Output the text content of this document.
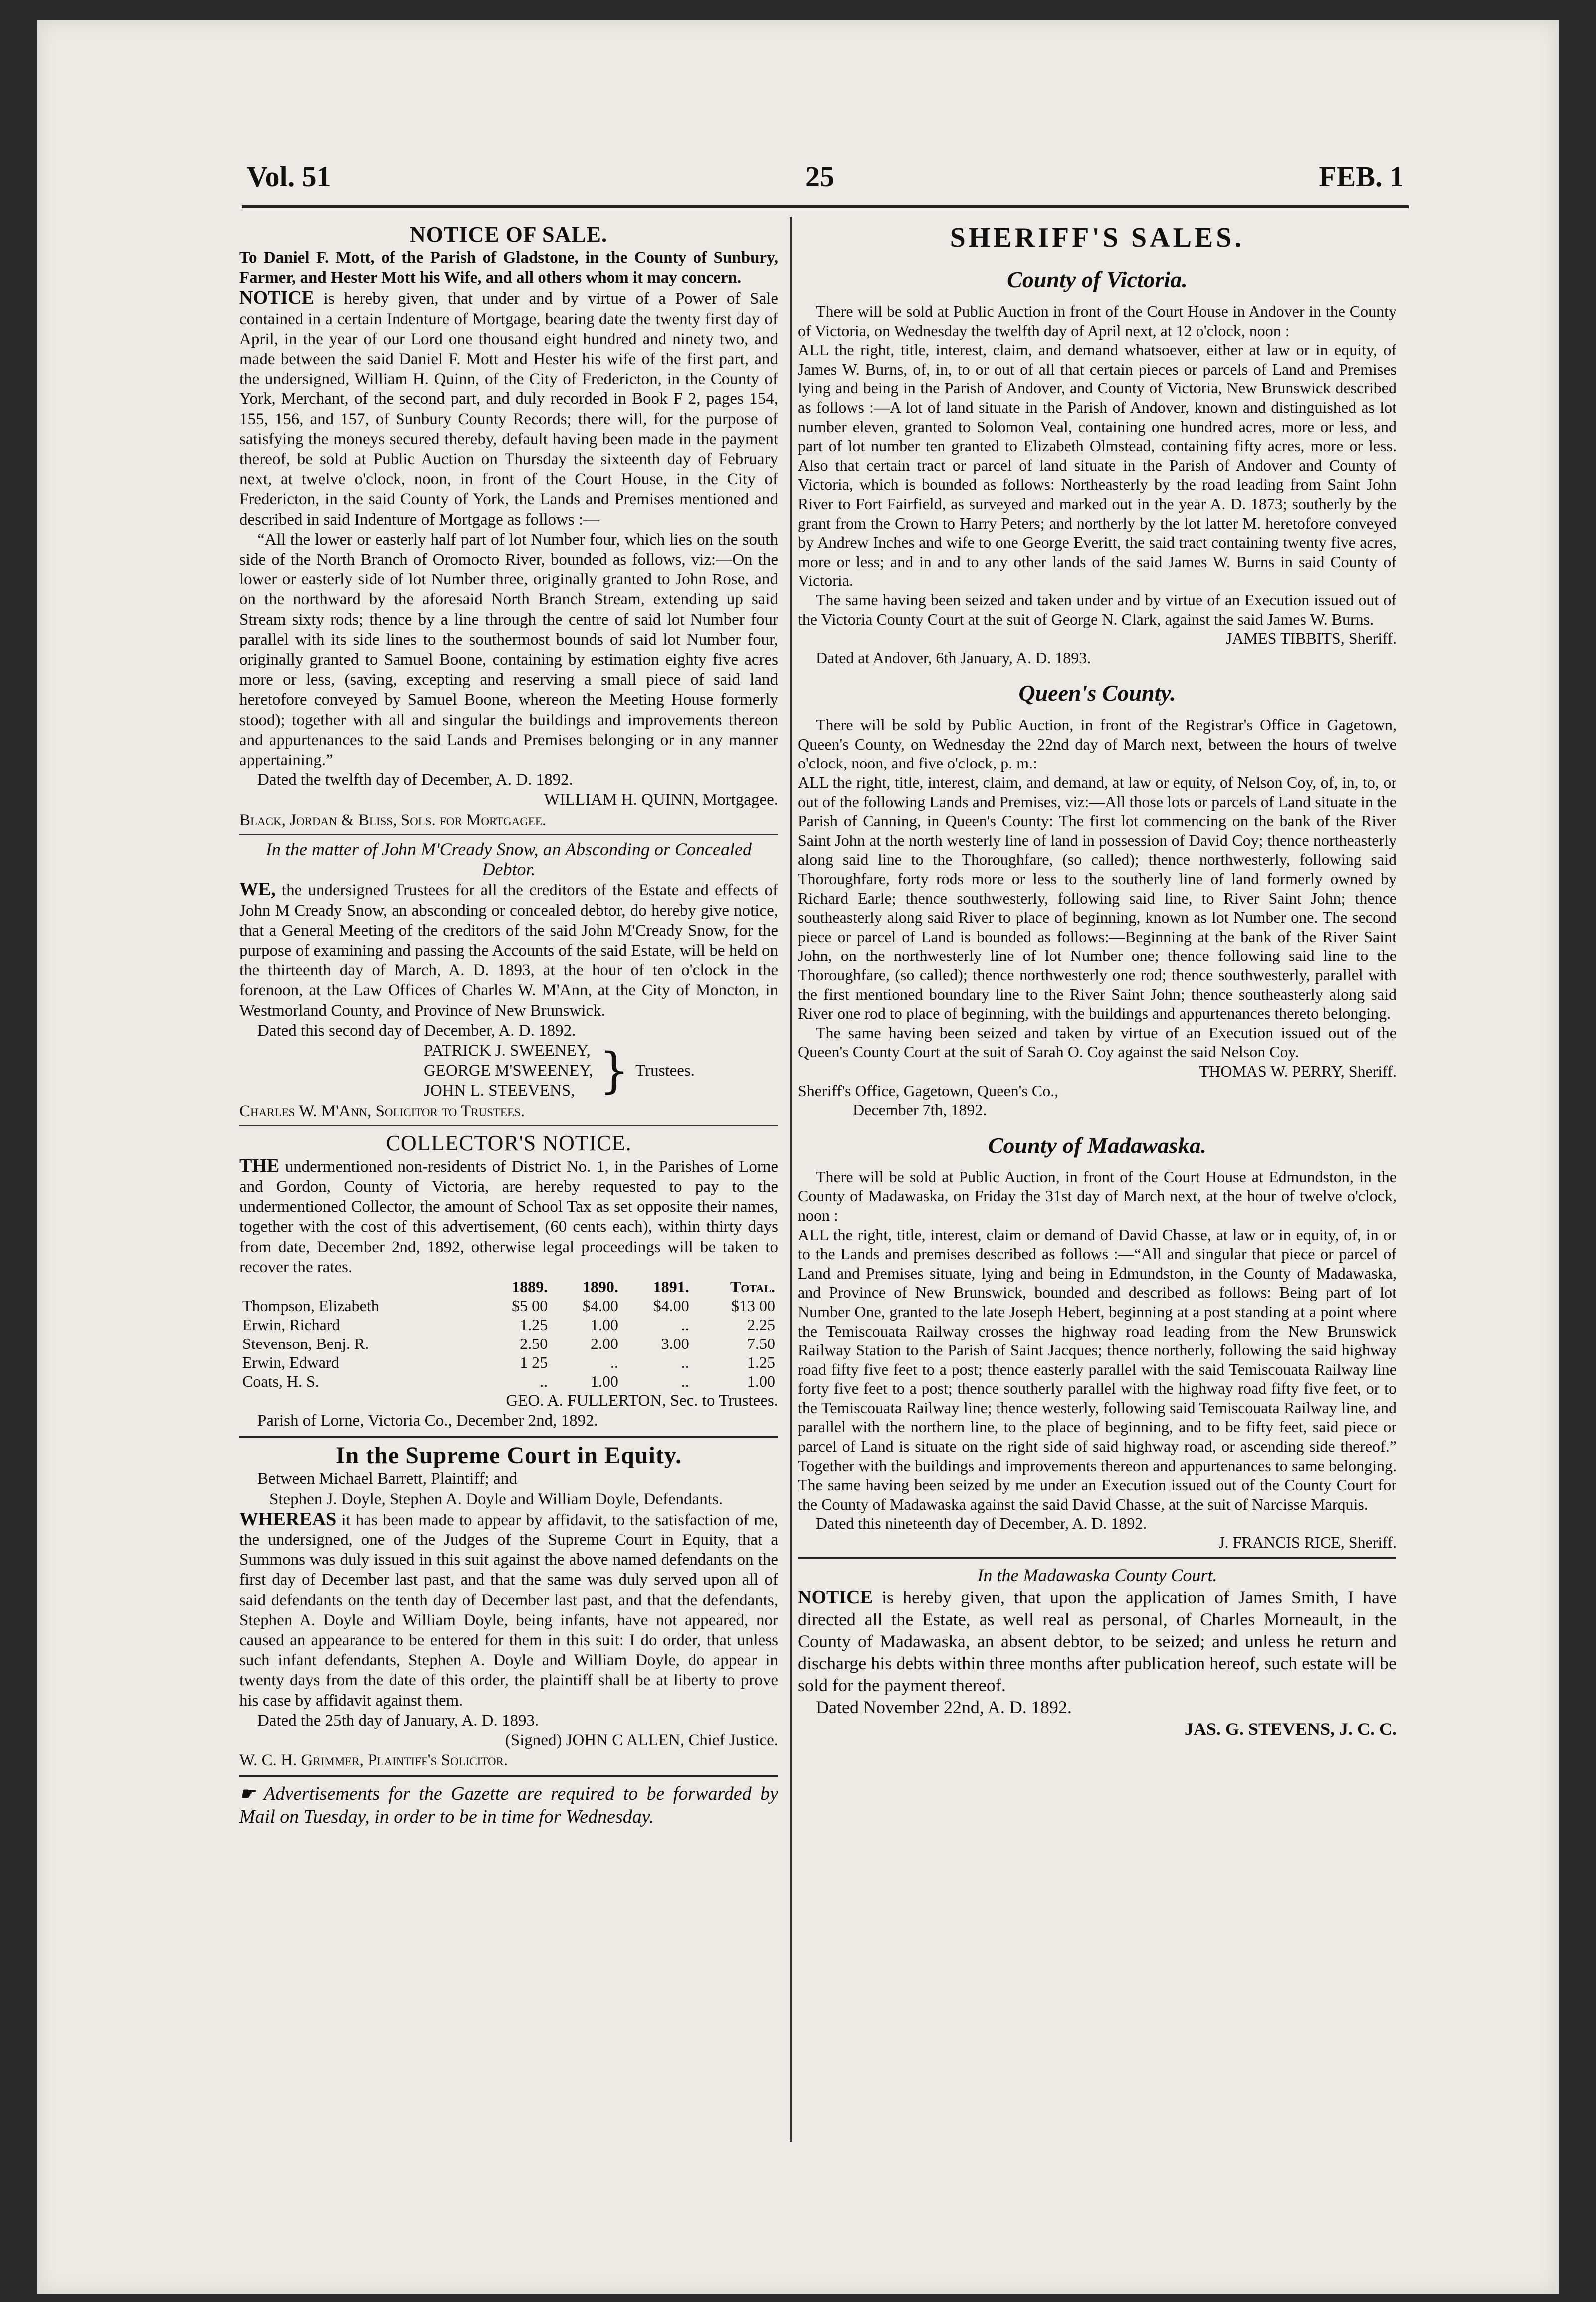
Vol. 51	25	FEB. 1
NOTICE OF SALE.

To Daniel F. Mott, of the Parish of Gladstone, in the County of Sunbury, Farmer, and Hester Mott his Wife, and all others whom it may concern.

NOTICE is hereby given, that under and by virtue of a Power of Sale contained in a certain Indenture of Mortgage, bearing date the twenty first day of April, in the year of our Lord one thousand eight hundred and ninety two, and made between the said Daniel F. Mott and Hester his wife of the first part, and the undersigned, William H. Quinn, of the City of Fredericton, in the County of York, Merchant, of the second part, and duly recorded in Book F 2, pages 154, 155, 156, and 157, of Sunbury County Records; there will, for the purpose of satisfying the moneys secured thereby, default having been made in the payment thereof, be sold at Public Auction on Thursday the sixteenth day of February next, at twelve o'clock, noon, in front of the Court House, in the City of Fredericton, in the said County of York, the Lands and Premises mentioned and described in said Indenture of Mortgage as follows :—

“All the lower or easterly half part of lot Number four, which lies on the south side of the North Branch of Oromocto River, bounded as follows, viz:—On the lower or easterly side of lot Number three, originally granted to John Rose, and on the northward by the aforesaid North Branch Stream, extending up said Stream sixty rods; thence by a line through the centre of said lot Number four parallel with its side lines to the southermost bounds of said lot Number four, originally granted to Samuel Boone, containing by estimation eighty five acres more or less, (saving, excepting and reserving a small piece of said land heretofore conveyed by Samuel Boone, whereon the Meeting House formerly stood); together with all and singular the buildings and improvements thereon and appurtenances to the said Lands and Premises belonging or in any manner appertaining.”

Dated the twelfth day of December, A. D. 1892.

WILLIAM H. QUINN, Mortgagee.

Black, Jordan & Bliss, Sols. for Mortgagee.

In the matter of John M'Cready Snow, an Absconding or Concealed Debtor.

WE, the undersigned Trustees for all the creditors of the Estate and effects of John M Cready Snow, an absconding or concealed debtor, do hereby give notice, that a General Meeting of the creditors of the said John M'Cready Snow, for the purpose of examining and passing the Accounts of the said Estate, will be held on the thirteenth day of March, A. D. 1893, at the hour of ten o'clock in the forenoon, at the Law Offices of Charles W. M'Ann, at the City of Moncton, in Westmorland County, and Province of New Brunswick.

Dated this second day of December, A. D. 1892.

PATRICK J. SWEENEY,
GEORGE M'SWEENEY,
JOHN L. STEEVENS, } Trustees.

Charles W. M'Ann, Solicitor to Trustees.

COLLECTOR'S NOTICE.

THE undermentioned non-residents of District No. 1, in the Parishes of Lorne and Gordon, County of Victoria, are hereby requested to pay to the undermentioned Collector, the amount of School Tax as set opposite their names, together with the cost of this advertisement, (60 cents each), within thirty days from date, December 2nd, 1892, otherwise legal proceedings will be taken to recover the rates.

	1889.	1890.	1891.	Total.
Thompson, Elizabeth	$5 00	$4.00	$4.00	$13 00
Erwin, Richard	1.25	1.00	..	2.25
Stevenson, Benj. R.	2.50	2.00	3.00	7.50
Erwin, Edward	1 25	..	..	1.25
Coats, H. S.	..	1.00	..	1.00

GEO. A. FULLERTON, Sec. to Trustees.

Parish of Lorne, Victoria Co., December 2nd, 1892.

In the Supreme Court in Equity.

Between Michael Barrett, Plaintiff; and

Stephen J. Doyle, Stephen A. Doyle and William Doyle, Defendants.

WHEREAS it has been made to appear by affidavit, to the satisfaction of me, the undersigned, one of the Judges of the Supreme Court in Equity, that a Summons was duly issued in this suit against the above named defendants on the first day of December last past, and that the same was duly served upon all of said defendants on the tenth day of December last past, and that the defendants, Stephen A. Doyle and William Doyle, being infants, have not appeared, nor caused an appearance to be entered for them in this suit: I do order, that unless such infant defendants, Stephen A. Doyle and William Doyle, do appear in twenty days from the date of this order, the plaintiff shall be at liberty to prove his case by affidavit against them.

Dated the 25th day of January, A. D. 1893.

(Signed) JOHN C ALLEN, Chief Justice.

W. C. H. Grimmer, Plaintiff's Solicitor.

☛ Advertisements for the Gazette are required to be forwarded by Mail on Tuesday, in order to be in time for Wednesday.

SHERIFF'S SALES.
County of Victoria.

There will be sold at Public Auction in front of the Court House in Andover in the County of Victoria, on Wednesday the twelfth day of April next, at 12 o'clock, noon :

ALL the right, title, interest, claim, and demand whatsoever, either at law or in equity, of James W. Burns, of, in, to or out of all that certain pieces or parcels of Land and Premises lying and being in the Parish of Andover, and County of Victoria, New Brunswick described as follows :—A lot of land situate in the Parish of Andover, known and distinguished as lot number eleven, granted to Solomon Veal, containing one hundred acres, more or less, and part of lot number ten granted to Elizabeth Olmstead, containing fifty acres, more or less. Also that certain tract or parcel of land situate in the Parish of Andover and County of Victoria, which is bounded as follows: Northeasterly by the road leading from Saint John River to Fort Fairfield, as surveyed and marked out in the year A. D. 1873; southerly by the grant from the Crown to Harry Peters; and northerly by the lot latter M. heretofore conveyed by Andrew Inches and wife to one George Everitt, the said tract containing twenty five acres, more or less; and in and to any other lands of the said James W. Burns in said County of Victoria.

The same having been seized and taken under and by virtue of an Execution issued out of the Victoria County Court at the suit of George N. Clark, against the said James W. Burns.

JAMES TIBBITS, Sheriff.

Dated at Andover, 6th January, A. D. 1893.

Queen's County.

There will be sold by Public Auction, in front of the Registrar's Office in Gagetown, Queen's County, on Wednesday the 22nd day of March next, between the hours of twelve o'clock, noon, and five o'clock, p. m.:

ALL the right, title, interest, claim, and demand, at law or equity, of Nelson Coy, of, in, to, or out of the following Lands and Premises, viz:—All those lots or parcels of Land situate in the Parish of Canning, in Queen's County: The first lot commencing on the bank of the River Saint John at the north westerly line of land in possession of David Coy; thence northeasterly along said line to the Thoroughfare, (so called); thence northwesterly, following said Thoroughfare, forty rods more or less to the southerly line of land formerly owned by Richard Earle; thence southwesterly, following said line, to River Saint John; thence southeasterly along said River to place of beginning, known as lot Number one. The second piece or parcel of Land is bounded as follows:—Beginning at the bank of the River Saint John, on the northwesterly line of lot Number one; thence following said line to the Thoroughfare, (so called); thence northwesterly one rod; thence southwesterly, parallel with the first mentioned boundary line to the River Saint John; thence southeasterly along said River one rod to place of beginning, with the buildings and appurtenances thereto belonging.

The same having been seized and taken by virtue of an Execution issued out of the Queen's County Court at the suit of Sarah O. Coy against the said Nelson Coy.

THOMAS W. PERRY, Sheriff.

Sheriff's Office, Gagetown, Queen's Co.,

December 7th, 1892.

County of Madawaska.

There will be sold at Public Auction, in front of the Court House at Edmundston, in the County of Madawaska, on Friday the 31st day of March next, at the hour of twelve o'clock, noon :

ALL the right, title, interest, claim or demand of David Chasse, at law or in equity, of, in or to the Lands and premises described as follows :—“All and singular that piece or parcel of Land and Premises situate, lying and being in Edmundston, in the County of Madawaska, and Province of New Brunswick, bounded and described as follows: Being part of lot Number One, granted to the late Joseph Hebert, beginning at a post standing at a point where the Temiscouata Railway crosses the highway road leading from the New Brunswick Railway Station to the Parish of Saint Jacques; thence northerly, following the said highway road fifty five feet to a post; thence easterly parallel with the said Temiscouata Railway line forty five feet to a post; thence southerly parallel with the highway road fifty five feet, or to the Temiscouata Railway line; thence westerly, following said Temiscouata Railway line, and parallel with the northern line, to the place of beginning, and to be fifty feet, said piece or parcel of Land is situate on the right side of said highway road, or ascending side thereof.” Together with the buildings and improvements thereon and appurtenances to same belonging. The same having been seized by me under an Execution issued out of the County Court for the County of Madawaska against the said David Chasse, at the suit of Narcisse Marquis.

Dated this nineteenth day of December, A. D. 1892.

J. FRANCIS RICE, Sheriff.

In the Madawaska County Court.

NOTICE is hereby given, that upon the application of James Smith, I have directed all the Estate, as well real as personal, of Charles Morneault, in the County of Madawaska, an absent debtor, to be seized; and unless he return and discharge his debts within three months after publication hereof, such estate will be sold for the payment thereof.

Dated November 22nd, A. D. 1892.

JAS. G. STEVENS, J. C. C.
